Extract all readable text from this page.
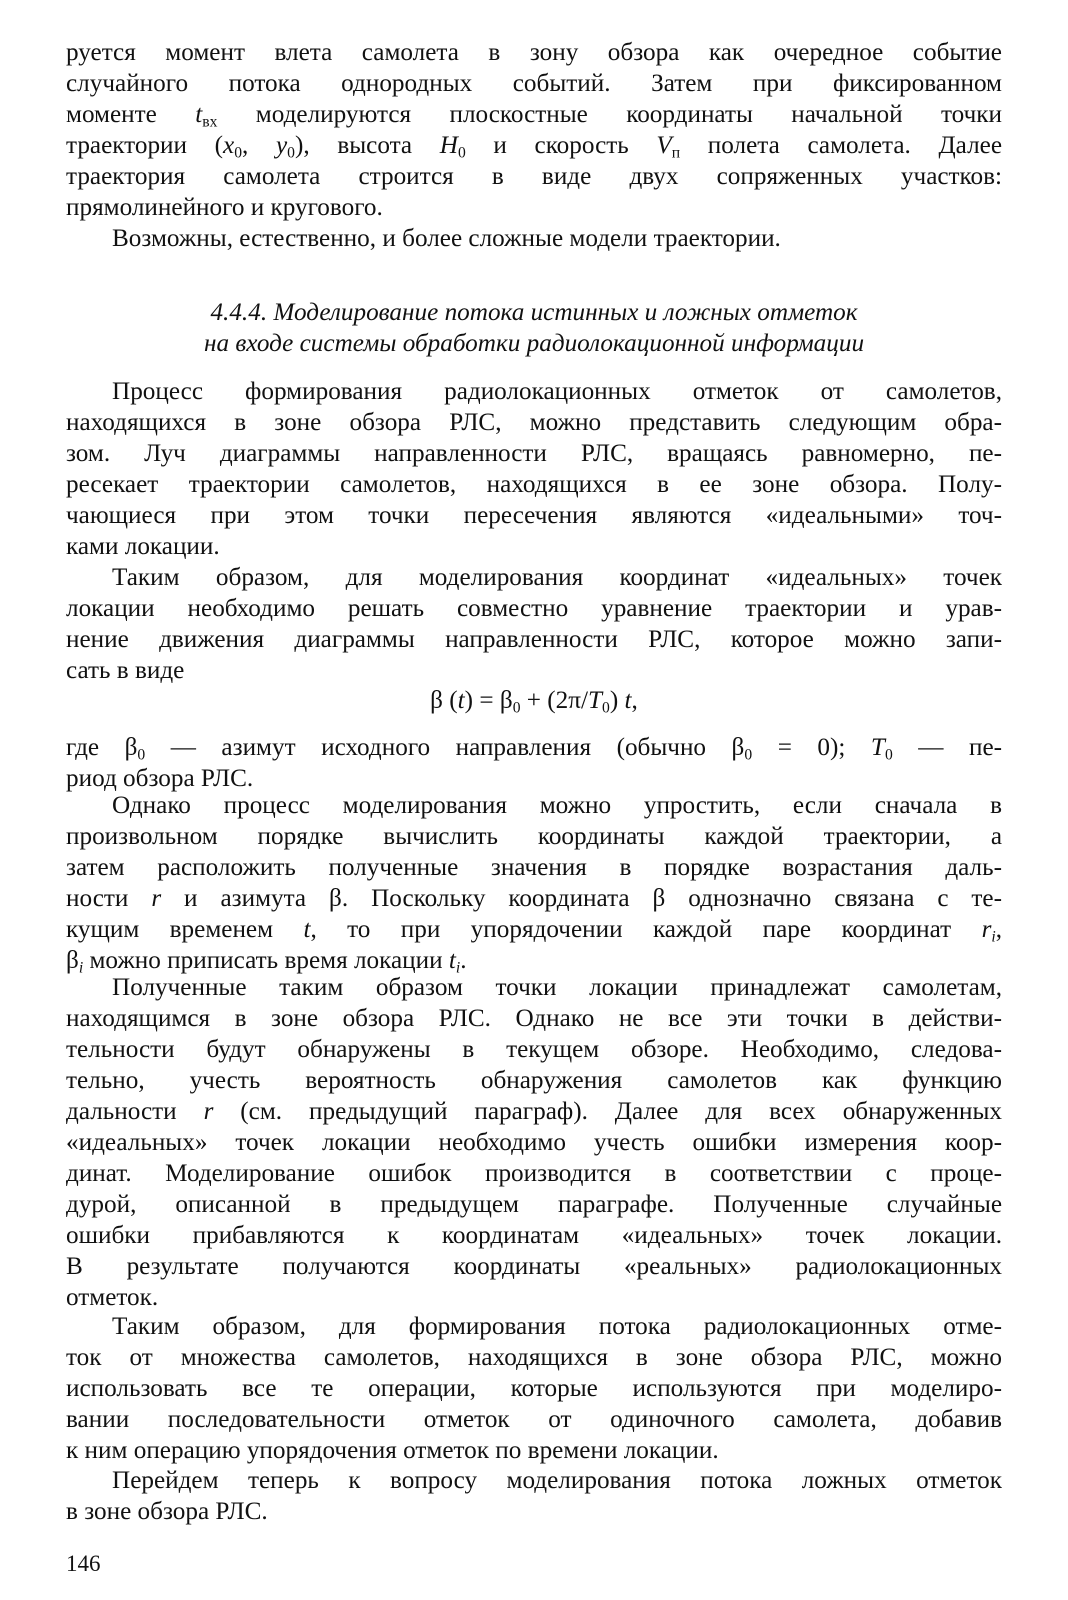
руется момент влета самолета в зону обзора как очередное событие
случайного потока однородных событий. Затем при фиксированном
моменте $t_{вх}$ моделируются плоскостные координаты начальной точки
траектории ($x_0$, $y_0$), высота $H_0$ и скорость $V_п$ полета самолета. Далее
траектория самолета строится в виде двух сопряженных участков:
прямолинейного и кругового.

Возможны, естественно, и более сложные модели траектории.

4.4.4. Моделирование потока истинных и ложных отметок
на входе системы обработки радиолокационной информации

Процесс формирования радиолокационных отметок от самолетов,
находящихся в зоне обзора РЛС, можно представить следующим обра-
зом. Луч диаграммы направленности РЛС, вращаясь равномерно, пе-
ресекает траектории самолетов, находящихся в ее зоне обзора. Полу-
чающиеся при этом точки пересечения являются «идеальными» точ-
ками локации.

Таким образом, для моделирования координат «идеальных» точек
локации необходимо решать совместно уравнение траектории и урав-
нение движения диаграммы направленности РЛС, которое можно запи-
сать в виде

β $(t) = \beta_0 + (2\pi/T_0)$ t,

где $\beta_0$ — азимут исходного направления (обычно $\beta_0 = 0$); $T_0$ — пе-
риод обзора РЛС.

Однако процесс моделирования можно упростить, если сначала в
произвольном порядке вычислить координаты каждой траектории, а
затем расположить полученные значения в порядке возрастания даль-
ности r и азимута β. Поскольку координата β однозначно связана с те-
кущим временем t, то при упорядочении каждой паре координат $r_i$,
$\beta_i$ можно приписать время локации $t_i$.

Полученные таким образом точки локации принадлежат самолетам,
находящимся в зоне обзора РЛС. Однако не все эти точки в действи-
тельности будут обнаружены в текущем обзоре. Необходимо, следова-
тельно, учесть вероятность обнаружения самолетов как функцию
дальности r (см. предыдущий параграф). Далее для всех обнаруженных
«идеальных» точек локации необходимо учесть ошибки измерения коор-
динат. Моделирование ошибок производится в соответствии с проце-
дурой, описанной в предыдущем параграфе. Полученные случайные
ошибки прибавляются к координатам «идеальных» точек локации.
В результате получаются координаты «реальных» радиолокационных
отметок.

Таким образом, для формирования потока радиолокационных отме-
ток от множества самолетов, находящихся в зоне обзора РЛС, можно
использовать все те операции, которые используются при моделиро-
вании последовательности отметок от одиночного самолета, добавив
к ним операцию упорядочения отметок по времени локации.

Перейдем теперь к вопросу моделирования потока ложных отметок
в зоне обзора РЛС.

146
